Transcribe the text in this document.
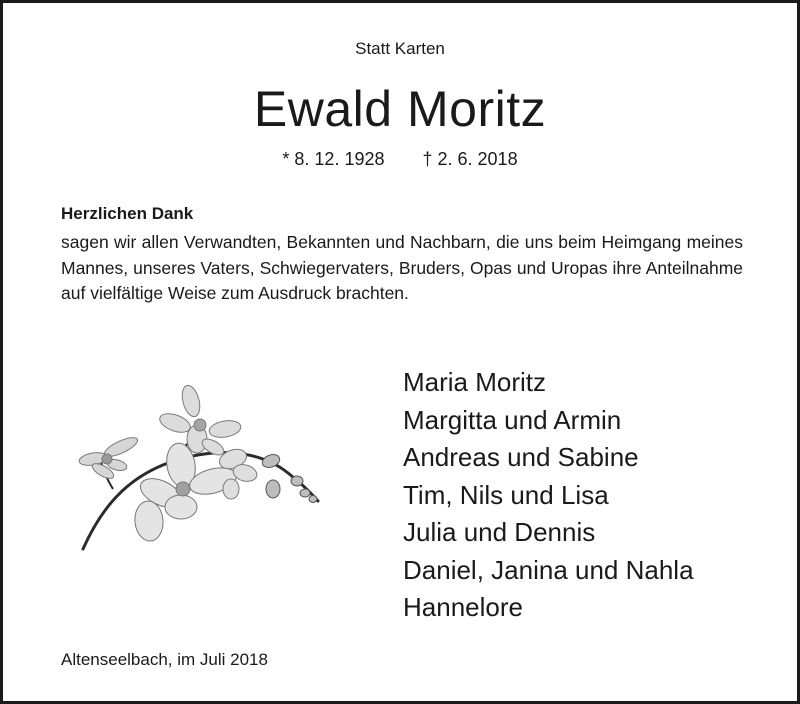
Statt Karten
Ewald Moritz
* 8. 12. 1928 † 2. 6. 2018
Herzlichen Dank
sagen wir allen Verwandten, Bekannten und Nachbarn, die uns beim Heimgang meines Mannes, unseres Vaters, Schwiegervaters, Bruders, Opas und Uropas ihre Anteilnahme auf vielfältige Weise zum Ausdruck brachten.
Maria Moritz
Margitta und Armin
Andreas und Sabine
Tim, Nils und Lisa
Julia und Dennis
Daniel, Janina und Nahla
Hannelore
Altenseelbach, im Juli 2018
